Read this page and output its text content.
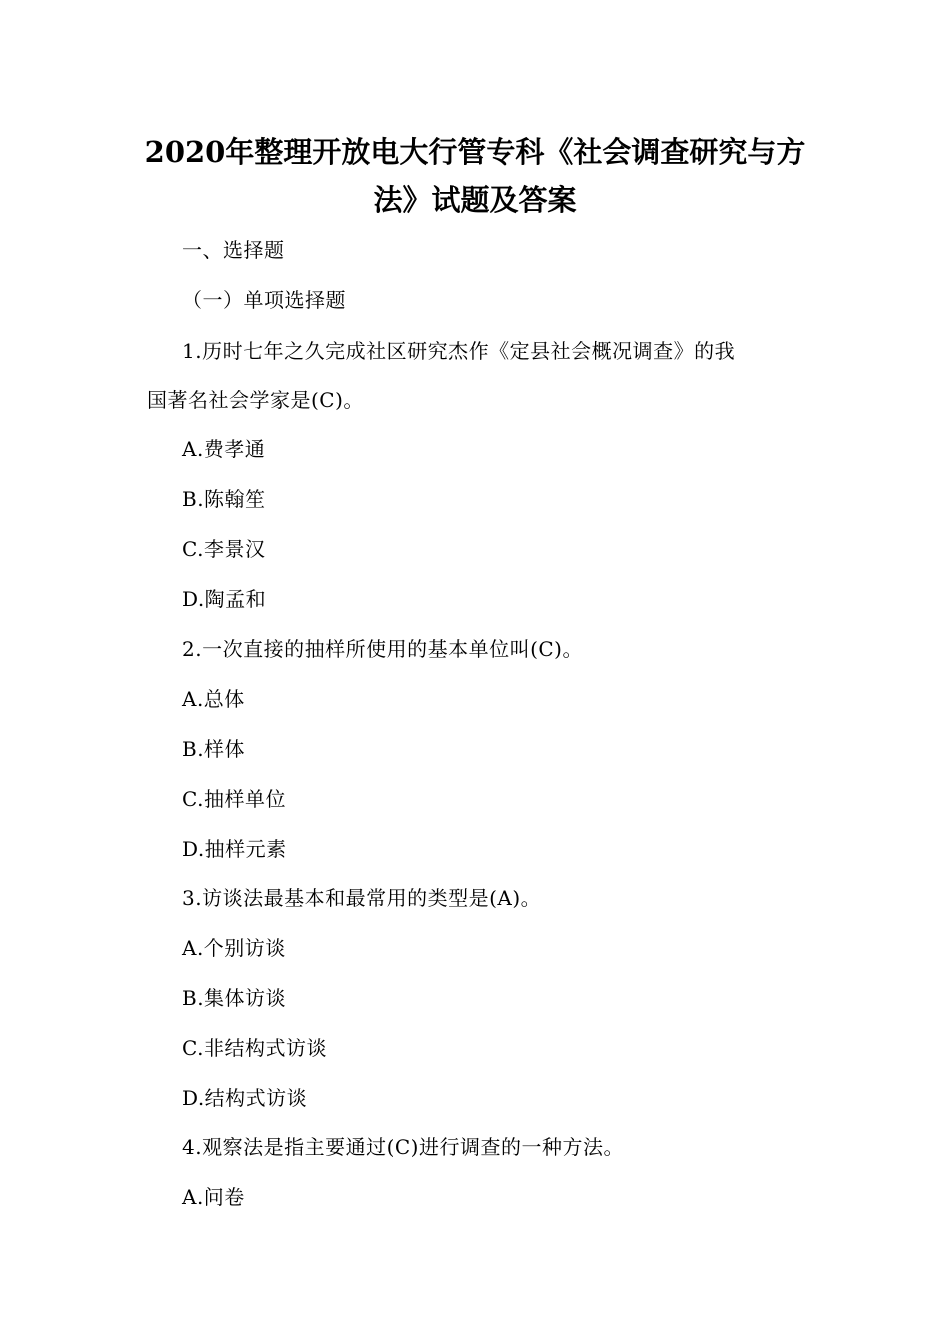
2020年整理开放电大行管专科《社会调查研究与方
法》试题及答案
一、选择题
（一）单项选择题
1.历时七年之久完成社区研究杰作《定县社会概况调查》的我
国著名社会学家是(C)。
A.费孝通
B.陈翰笙
C.李景汉
D.陶孟和
2.一次直接的抽样所使用的基本单位叫(C)。
A.总体
B.样体
C.抽样单位
D.抽样元素
3.访谈法最基本和最常用的类型是(A)。
A.个别访谈
B.集体访谈
C.非结构式访谈
D.结构式访谈
4.观察法是指主要通过(C)进行调查的一种方法。
A.问卷
